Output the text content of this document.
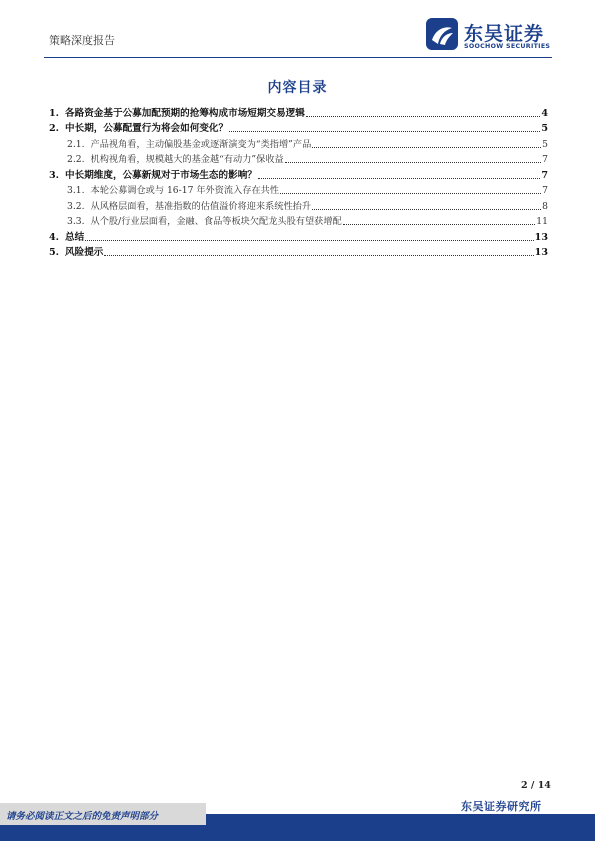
策略深度报告	东吴证券
SOOCHOW SECURITIES
内容目录
1. 各路资金基于公募加配预期的抢筹构成市场短期交易逻辑	4
2. 中长期，公募配置行为将会如何变化？	5
2.1. 产品视角看，主动偏股基金或逐渐演变为“类指增”产品	5
2.2. 机构视角看，规模越大的基金越“有动力”保收益	7
3. 中长期维度，公募新规对于市场生态的影响？	7
3.1. 本轮公募调仓或与 16-17 年外资流入存在共性	7
3.2. 从风格层面看，基准指数的估值溢价将迎来系统性抬升	8
3.3. 从个股/行业层面看，金融、食品等板块欠配龙头股有望获增配	11
4. 总结	13
5. 风险提示	13
2 / 14
东吴证券研究所
请务必阅读正文之后的免责声明部分
